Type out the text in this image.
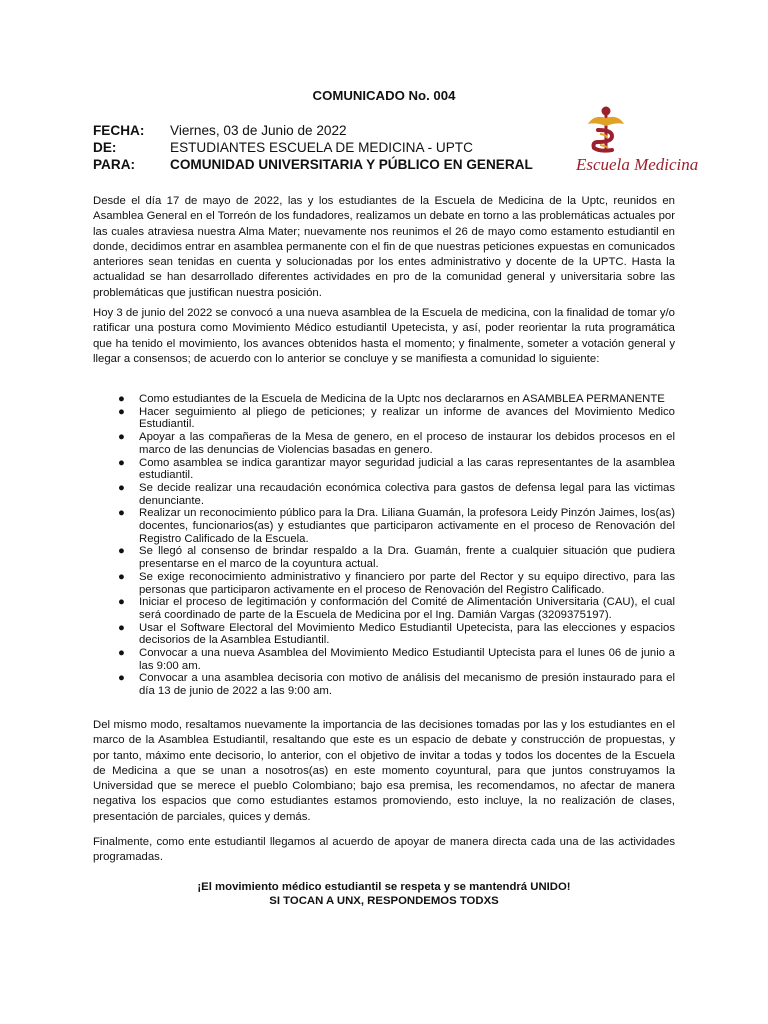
COMUNICADO No. 004
FECHA: Viernes, 03 de Junio de 2022
DE:	ESTUDIANTES ESCUELA DE MEDICINA - UPTC
PARA:	COMUNIDAD UNIVERSITARIA Y PÚBLICO EN GENERAL	Escuela Medicina

Desde el día 17 de mayo de 2022, las y los estudiantes de la Escuela de Medicina de la Uptc, reunidos en Asamblea General en el Torreón de los fundadores, realizamos un debate en torno a las problemáticas actuales por las cuales atraviesa nuestra Alma Mater; nuevamente nos reunimos el 26 de mayo como estamento estudiantil en donde, decidimos entrar en asamblea permanente con el fin de que nuestras peticiones expuestas en comunicados anteriores sean tenidas en cuenta y solucionadas por los entes administrativo y docente de la UPTC. Hasta la actualidad se han desarrollado diferentes actividades en pro de la comunidad general y universitaria sobre las problemáticas que justifican nuestra posición.

Hoy 3 de junio del 2022 se convocó a una nueva asamblea de la Escuela de medicina, con la finalidad de tomar y/o ratificar una postura como Movimiento Médico estudiantil Upetecista, y así, poder reorientar la ruta programática que ha tenido el movimiento, los avances obtenidos hasta el momento; y finalmente, someter a votación general y llegar a consensos; de acuerdo con lo anterior se concluye y se manifiesta a comunidad lo siguiente:

● Como estudiantes de la Escuela de Medicina de la Uptc nos declararnos en ASAMBLEA PERMANENTE
● Hacer seguimiento al pliego de peticiones; y realizar un informe de avances del Movimiento Medico Estudiantil.
● Apoyar a las compañeras de la Mesa de genero, en el proceso de instaurar los debidos procesos en el marco de las denuncias de Violencias basadas en genero.
● Como asamblea se indica garantizar mayor seguridad judicial a las caras representantes de la asamblea estudiantil.
● Se decide realizar una recaudación económica colectiva para gastos de defensa legal para las victimas denunciante.
● Realizar un reconocimiento público para la Dra. Liliana Guamán, la profesora Leidy Pinzón Jaimes, los(as) docentes, funcionarios(as) y estudiantes que participaron activamente en el proceso de Renovación del Registro Calificado de la Escuela.
● Se llegó al consenso de brindar respaldo a la Dra. Guamán, frente a cualquier situación que pudiera presentarse en el marco de la coyuntura actual.
● Se exige reconocimiento administrativo y financiero por parte del Rector y su equipo directivo, para las personas que participaron activamente en el proceso de Renovación del Registro Calificado.
● Iniciar el proceso de legitimación y conformación del Comité de Alimentación Universitaria (CAU), el cual será coordinado de parte de la Escuela de Medicina por el Ing. Damián Vargas (3209375197).
● Usar el Software Electoral del Movimiento Medico Estudiantil Upetecista, para las elecciones y espacios decisorios de la Asamblea Estudiantil.
● Convocar a una nueva Asamblea del Movimiento Medico Estudiantil Uptecista para el lunes 06 de junio a las 9:00 am.
● Convocar a una asamblea decisoria con motivo de análisis del mecanismo de presión instaurado para el día 13 de junio de 2022 a las 9:00 am.

Del mismo modo, resaltamos nuevamente la importancia de las decisiones tomadas por las y los estudiantes en el marco de la Asamblea Estudiantil, resaltando que este es un espacio de debate y construcción de propuestas, y por tanto, máximo ente decisorio, lo anterior, con el objetivo de invitar a todas y todos los docentes de la Escuela de Medicina a que se unan a nosotros(as) en este momento coyuntural, para que juntos construyamos la Universidad que se merece el pueblo Colombiano; bajo esa premisa, les recomendamos, no afectar de manera negativa los espacios que como estudiantes estamos promoviendo, esto incluye, la no realización de clases, presentación de parciales, quices y demás.

Finalmente, como ente estudiantil llegamos al acuerdo de apoyar de manera directa cada una de las actividades programadas.

¡El movimiento médico estudiantil se respeta y se mantendrá UNIDO!
SI TOCAN A UNX, RESPONDEMOS TODXS
